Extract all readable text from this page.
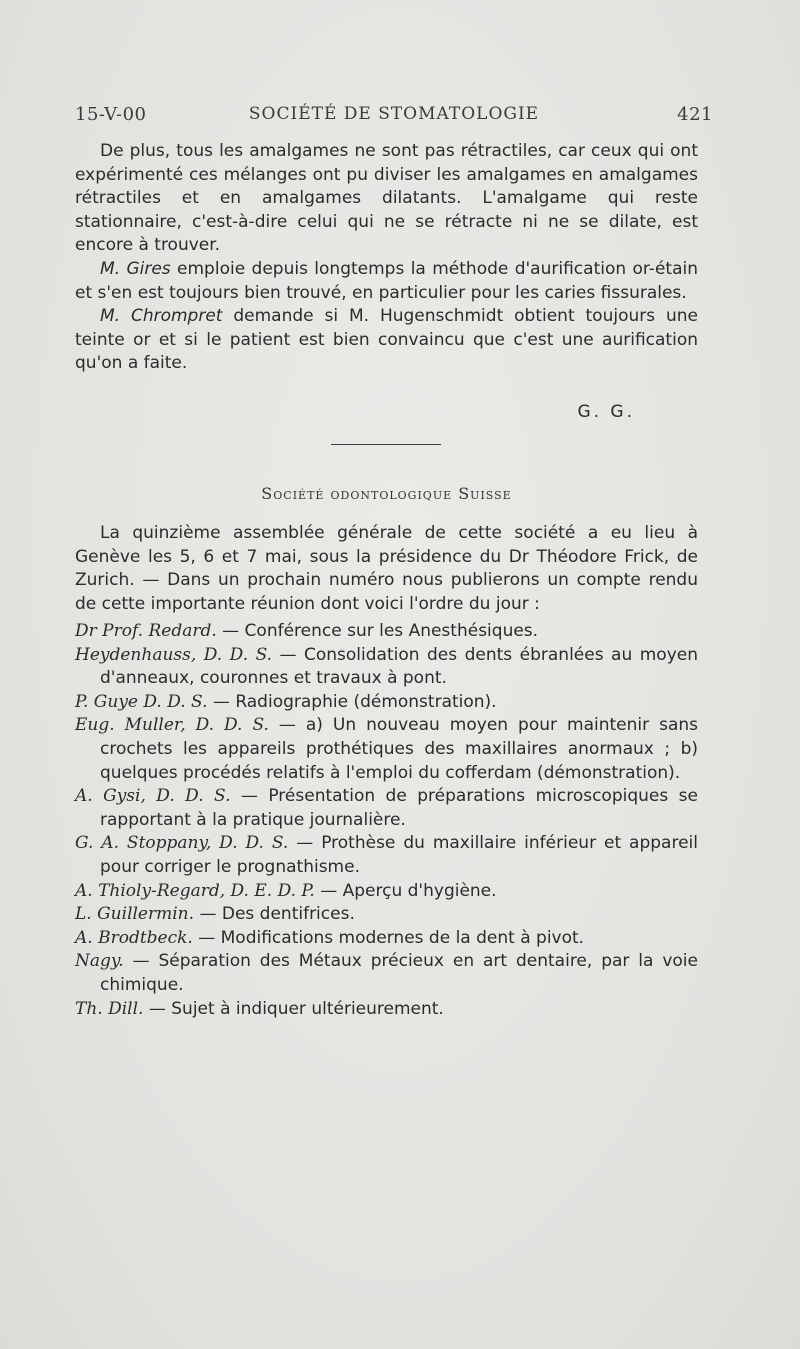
15-V-00	SOCIÉTÉ DE STOMATOLOGIE	421

De plus, tous les amalgames ne sont pas rétractiles, car ceux qui ont expérimenté ces mélanges ont pu diviser les amalgames en amalgames rétractiles et en amalgames dilatants. L'amalgame qui reste stationnaire, c'est-à-dire celui qui ne se rétracte ni ne se dilate, est encore à trouver.

M. Gires emploie depuis longtemps la méthode d'aurification or-étain et s'en est toujours bien trouvé, en particulier pour les caries fissurales.

M. Chrompret demande si M. Hugenschmidt obtient toujours une teinte or et si le patient est bien convaincu que c'est une aurification qu'on a faite.

G. G.
Société odontologique Suisse

La quinzième assemblée générale de cette société a eu lieu à Genève les 5, 6 et 7 mai, sous la présidence du Dr Théodore Frick, de Zurich. — Dans un prochain numéro nous publierons un compte rendu de cette importante réunion dont voici l'ordre du jour :

Dr Prof. Redard. — Conférence sur les Anesthésiques.

Heydenhauss, D. D. S. — Consolidation des dents ébranlées au moyen d'anneaux, couronnes et travaux à pont.

P. Guye D. D. S. — Radiographie (démonstration).

Eug. Muller, D. D. S. — a) Un nouveau moyen pour maintenir sans crochets les appareils prothétiques des maxillaires anormaux ; b) quelques procédés relatifs à l'emploi du cofferdam (démonstration).

A. Gysi, D. D. S. — Présentation de préparations microscopiques se rapportant à la pratique journalière.

G. A. Stoppany, D. D. S. — Prothèse du maxillaire inférieur et appareil pour corriger le prognathisme.

A. Thioly-Regard, D. E. D. P. — Aperçu d'hygiène.

L. Guillermin. — Des dentifrices.

A. Brodtbeck. — Modifications modernes de la dent à pivot.

Nagy. — Séparation des Métaux précieux en art dentaire, par la voie chimique.

Th. Dill. — Sujet à indiquer ultérieurement.
